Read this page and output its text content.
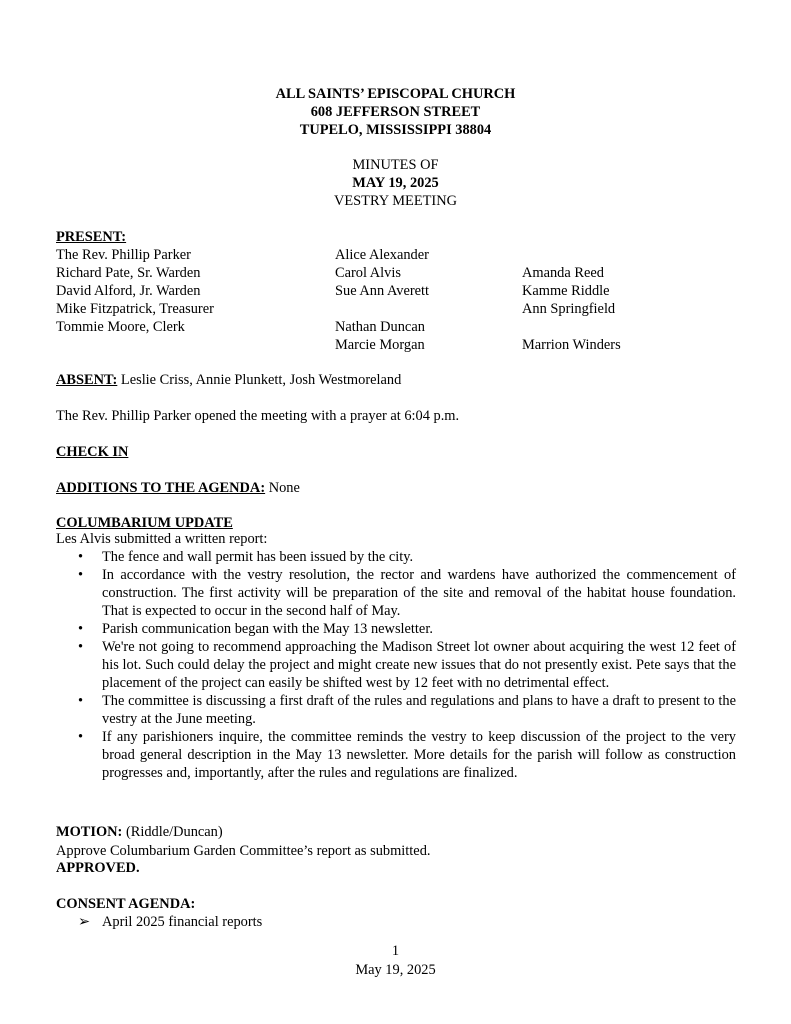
ALL SAINTS’ EPISCOPAL CHURCH
608 JEFFERSON STREET
TUPELO, MISSISSIPPI 38804
MINUTES OF
MAY 19, 2025
VESTRY MEETING
PRESENT:
The Rev. Phillip Parker
Richard Pate, Sr. Warden
David Alford, Jr. Warden
Mike Fitzpatrick, Treasurer
Tommie Moore, Clerk
Alice Alexander
Carol Alvis
Sue Ann Averett
Nathan Duncan
Marcie Morgan
Amanda Reed
Kamme Riddle
Ann Springfield
Marrion Winders
ABSENT: Leslie Criss, Annie Plunkett, Josh Westmoreland
The Rev. Phillip Parker opened the meeting with a prayer at 6:04 p.m.
CHECK IN
ADDITIONS TO THE AGENDA: None
COLUMBARIUM UPDATE
Les Alvis submitted a written report:
• The fence and wall permit has been issued by the city.
• In accordance with the vestry resolution, the rector and wardens have authorized the commencement of construction. The first activity will be preparation of the site and removal of the habitat house foundation. That is expected to occur in the second half of May.
• Parish communication began with the May 13 newsletter.
• We're not going to recommend approaching the Madison Street lot owner about acquiring the west 12 feet of his lot. Such could delay the project and might create new issues that do not presently exist. Pete says that the placement of the project can easily be shifted west by 12 feet with no detrimental effect.
• The committee is discussing a first draft of the rules and regulations and plans to have a draft to present to the vestry at the June meeting.
• If any parishioners inquire, the committee reminds the vestry to keep discussion of the project to the very broad general description in the May 13 newsletter. More details for the parish will follow as construction progresses and, importantly, after the rules and regulations are finalized.
MOTION: (Riddle/Duncan)
Approve Columbarium Garden Committee’s report as submitted.
APPROVED.
CONSENT AGENDA:
➢ April 2025 financial reports
1
May 19, 2025
